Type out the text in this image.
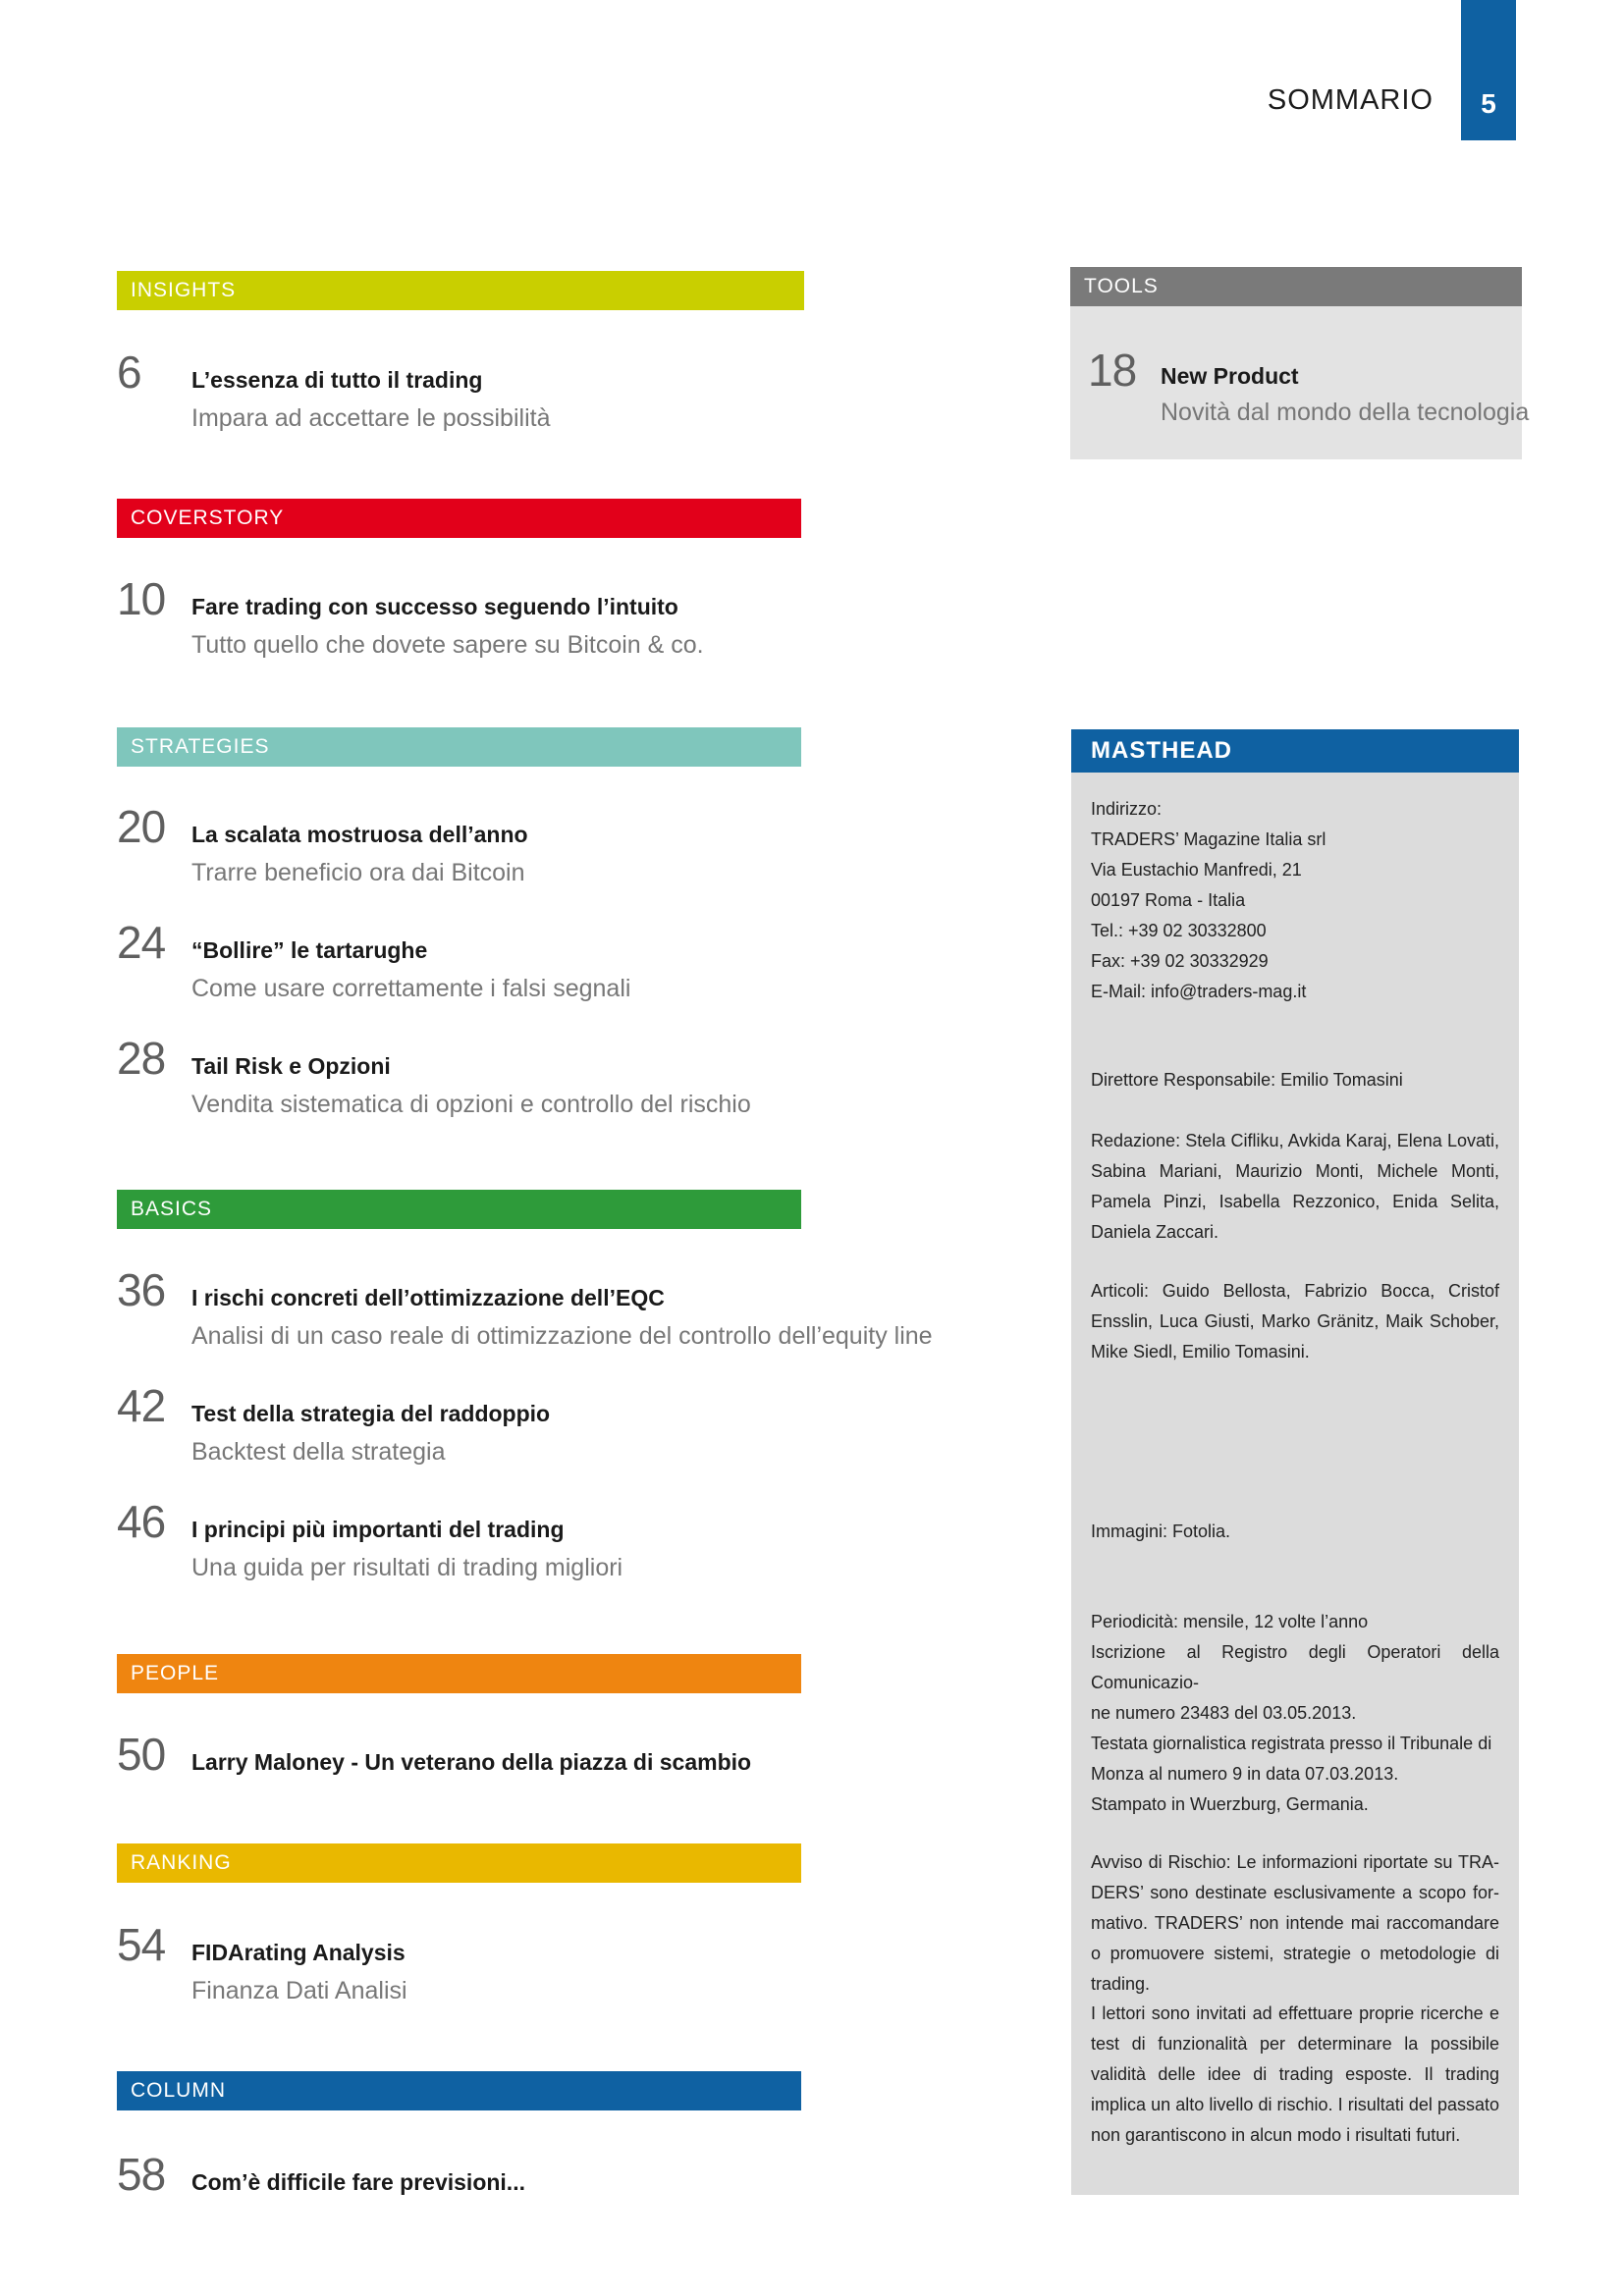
SOMMARIO	5
INSIGHTS
6 L’essenza di tutto il trading
Impara ad accettare le possibilità
COVERSTORY
10 Fare trading con successo seguendo l’intuito
Tutto quello che dovete sapere su Bitcoin & co.
STRATEGIES
20 La scalata mostruosa dell’anno
Trarre beneficio ora dai Bitcoin
24 “Bollire” le tartarughe
Come usare correttamente i falsi segnali
28 Tail Risk e Opzioni
Vendita sistematica di opzioni e controllo del rischio
BASICS
36 I rischi concreti dell’ottimizzazione dell’EQC
Analisi di un caso reale di ottimizzazione del controllo dell’equity line
42 Test della strategia del raddoppio
Backtest della strategia
46 I principi più importanti del trading
Una guida per risultati di trading migliori
PEOPLE
50 Larry Maloney - Un veterano della piazza di scambio
RANKING
54 FIDArating Analysis
Finanza Dati Analisi
COLUMN
58 Com’è difficile fare previsioni...
TOOLS
18 New Product
Novità dal mondo della tecnologia
MASTHEAD

Indirizzo:
TRADERS’ Magazine Italia srl
Via Eustachio Manfredi, 21
00197 Roma - Italia
Tel.: +39 02 30332800
Fax: +39 02 30332929
E-Mail: info@traders-mag.it

Direttore Responsabile: Emilio Tomasini

Redazione: Stela Cifliku, Avkida Karaj, Elena Lovati, Sabina Mariani, Maurizio Monti, Michele Monti, Pamela Pinzi, Isabella Rezzonico, Enida Selita, Daniela Zaccari.

Articoli: Guido Bellosta, Fabrizio Bocca, Cristof Ensslin, Luca Giusti, Marko Gränitz, Maik Schober, Mike Siedl, Emilio Tomasini.

Immagini: Fotolia.

Periodicità: mensile, 12 volte l’anno
Iscrizione al Registro degli Operatori della Comunicazio-
ne numero 23483 del 03.05.2013.
Testata giornalistica registrata presso il Tribunale di
Monza al numero 9 in data 07.03.2013.
Stampato in Wuerzburg, Germania.

Avviso di Rischio: Le informazioni riportate su TRA- DERS’ sono destinate esclusivamente a scopo for- mativo. TRADERS’ non intende mai raccomandare o promuovere sistemi, strategie o metodologie di trading.

I lettori sono invitati ad effettuare proprie ricerche e test di funzionalità per determinare la possibile validità delle idee di trading esposte. Il trading implica un alto livello di rischio. I risultati del passato non garantiscono in alcun modo i risultati futuri.
